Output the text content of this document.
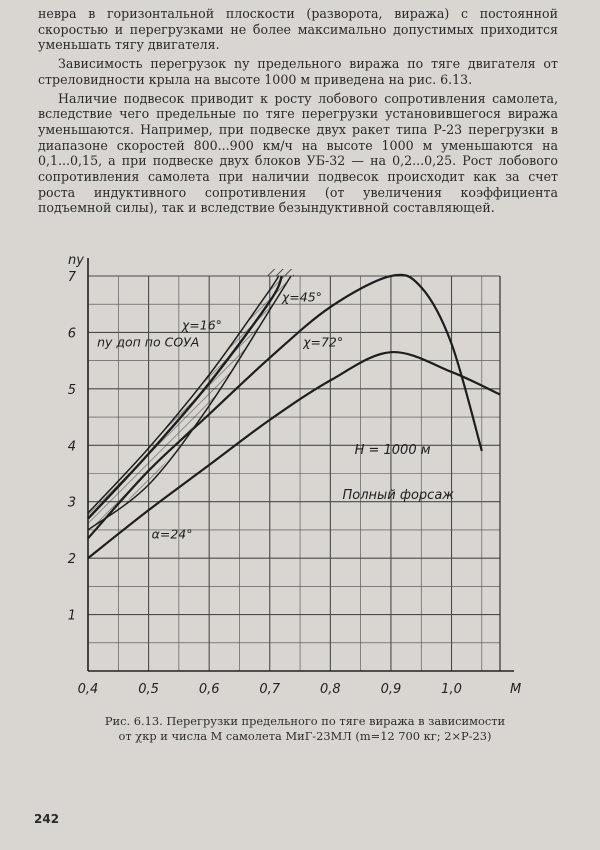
невра в горизонтальной плоскости (разворота, виража) с постоянной скоростью и перегрузками не более максимально допустимых приходится уменьшать тягу двигателя.

Зависимость перегрузок nу предельного виража по тяге двигателя от стреловидности крыла на высоте 1000 м приведена на рис. 6.13.

Наличие подвесок приводит к росту лобового сопротивления самолета, вследствие чего предельные по тяге перегрузки установившегося виража уменьшаются. Например, при подвеске двух ракет типа Р-23 перегрузки в диапазоне скоростей 800...900 км/ч на высоте 1000 м уменьшаются на 0,1...0,15, а при подвеске двух блоков УБ-32 — на 0,2...0,25. Рост лобового сопротивления самолета при наличии подвесок происходит как за счет роста индуктивного сопротивления (от увеличения коэффициента подъемной силы), так и вследствие безындуктивной составляющей.

0,4	0,5	0,6	0,7	0,8	0,9	1,0
1
2
3
4
5
6
7
M
ny
χ=16°
χ=45°
χ=72°
nу доп по СОУА
α=24°
H = 1000 м
Полный форсаж
Рис. 6.13. Перегрузки предельного по тяге виража в зависимости
от χкр и числа М самолета МиГ-23МЛ (m=12 700 кг; 2×Р-23)
242
